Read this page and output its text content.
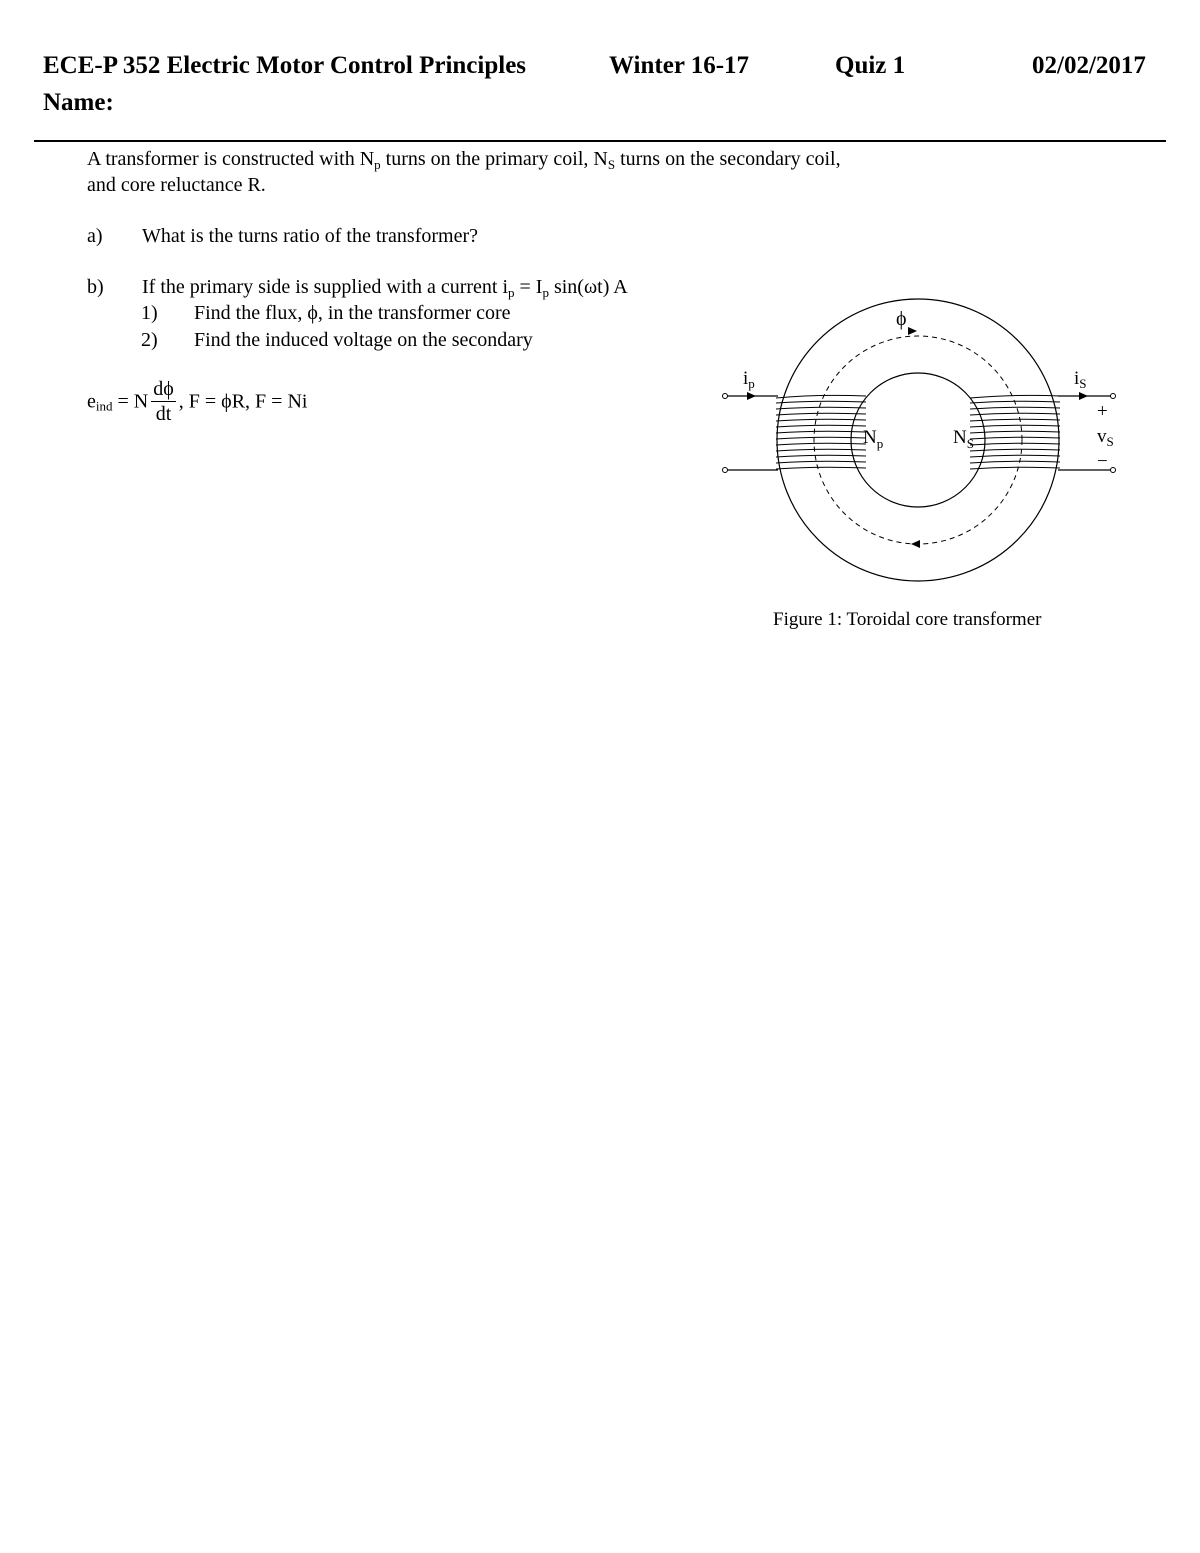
ECE-P 352 Electric Motor Control Principles	Winter 16-17	Quiz 1	02/02/2017
Name:
A transformer is constructed with $N_p$ turns on the primary coil, $N_S$ turns on the secondary coil,
and core reluctance R.
a) What is the turns ratio of the transformer?
b) If the primary side is supplied with a current $i_p = I_p$ sin(ωt) A
1) Find the flux, ϕ, in the transformer core
2) Find the induced voltage on the secondary
$e_{ind} = N \frac{d\phi}{dt}$ , F = ϕR, F = Ni
ϕ
$i_p$	$i_S$
$N_p$	$N_S$
+
$v_S$
−
Figure 1: Toroidal core transformer
